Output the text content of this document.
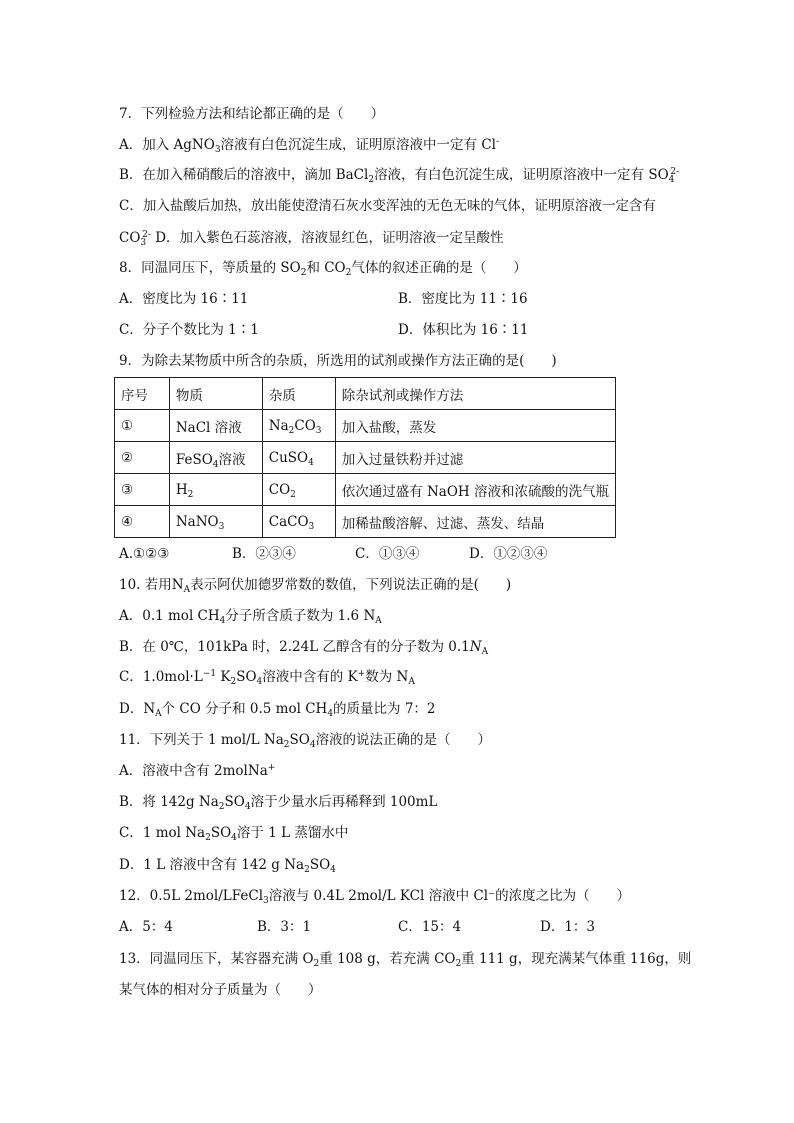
7．下列检验方法和结论都正确的是（　　）
A．加入 AgNO$_3$溶液有白色沉淀生成，证明原溶液中一定有 Cl-
B．在加入稀硝酸后的溶液中，滴加 BaCl$_2$溶液，有白色沉淀生成，证明原溶液中一定有 $SO_4^{2-}$
C．加入盐酸后加热，放出能使澄清石灰水变浑浊的无色无味的气体，证明原溶液一定含有
$CO_3^{2-}$ D．加入紫色石蕊溶液，溶液显红色，证明溶液一定呈酸性
8．同温同压下，等质量的 $SO_2$和 $CO_2$气体的叙述正确的是（　　）
A．密度比为 16∶11	B．密度比为 11∶16
C．分子个数比为 1∶1	D．体积比为 16∶11
9．为除去某物质中所含的杂质，所选用的试剂或操作方法正确的是(　　)
序号	物质	杂质	除杂试剂或操作方法
①	NaCl 溶液	$Na_2CO_3$	加入盐酸，蒸发
②	FeSO$_4$溶液	CuSO$_4$	加入过量铁粉并过滤
③	$H_2$	$CO_2$	依次通过盛有 NaOH 溶液和浓硫酸的洗气瓶
④	NaNO$_3$	CaCO$_3$	加稀盐酸溶解、过滤、蒸发、结晶
A.①②③	B．②③④	C．①③④	D．①②③④
10. 若用$N_A$表示阿伏加德罗常数的数值，下列说法正确的是(　　)
A．0.1 mol $CH_4$分子所含质子数为 1.6 $N_A$
B．在 0℃，101kPa 时，2.24L 乙醇含有的分子数为 $0.1N_A$
C．$1.0mol\cdot L^{-1}$ $K_2SO_4$溶液中含有的 K+数为 $N_A$
D．$N_A$个 CO 分子和 0.5 mol $CH_4$的质量比为 7：2
11．下列关于 1 mol/L $Na_2SO_4$溶液的说法正确的是（　　）
A．溶液中含有 2molNa+
B．将 142g $Na_2SO_4$溶于少量水后再稀释到 100mL
C．1 mol $Na_2SO_4$溶于 1 L 蒸馏水中
D．1 L 溶液中含有 142 g $Na_2SO_4$
12．0.5L 2mol/LFeCl$_3$溶液与 0.4L 2mol/L KCl 溶液中 Cl⁻的浓度之比为（　　）
A．5：4	B．3：1	C．15：4	D．1：3
13．同温同压下，某容器充满 $O_2$重 108 g，若充满 $CO_2$重 111 g，现充满某气体重 116g，则
某气体的相对分子质量为（　　）
